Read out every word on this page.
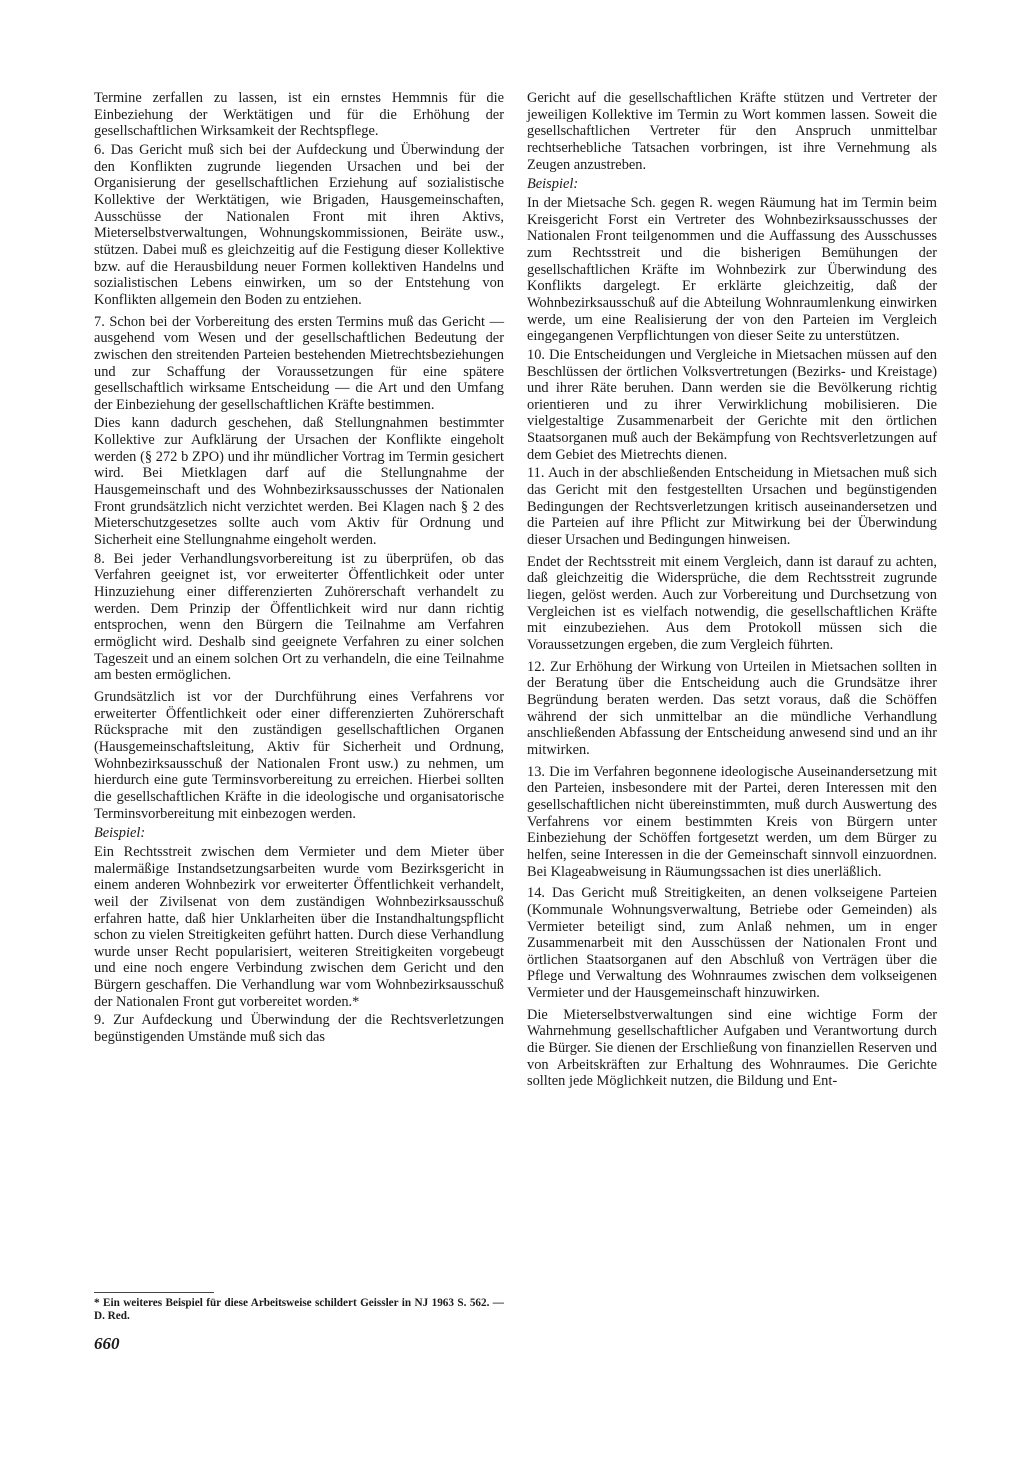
Termine zerfallen zu lassen, ist ein ernstes Hemmnis für die Einbeziehung der Werktätigen und für die Erhöhung der gesellschaftlichen Wirksamkeit der Rechtspflege.

6. Das Gericht muß sich bei der Aufdeckung und Überwindung der den Konflikten zugrunde liegenden Ursachen und bei der Organisierung der gesellschaftlichen Erziehung auf sozialistische Kollektive der Werktätigen, wie Brigaden, Hausgemeinschaften, Ausschüsse der Nationalen Front mit ihren Aktivs, Mieterselbstverwaltungen, Wohnungskommissionen, Beiräte usw., stützen. Dabei muß es gleichzeitig auf die Festigung dieser Kollektive bzw. auf die Herausbildung neuer Formen kollektiven Handelns und sozialistischen Lebens einwirken, um so der Entstehung von Konflikten allgemein den Boden zu entziehen.

7. Schon bei der Vorbereitung des ersten Termins muß das Gericht — ausgehend vom Wesen und der gesellschaftlichen Bedeutung der zwischen den streitenden Parteien bestehenden Mietrechtsbeziehungen und zur Schaffung der Voraussetzungen für eine spätere gesellschaftlich wirksame Entscheidung — die Art und den Umfang der Einbeziehung der gesellschaftlichen Kräfte bestimmen.

Dies kann dadurch geschehen, daß Stellungnahmen bestimmter Kollektive zur Aufklärung der Ursachen der Konflikte eingeholt werden (§ 272 b ZPO) und ihr mündlicher Vortrag im Termin gesichert wird. Bei Mietklagen darf auf die Stellungnahme der Hausgemeinschaft und des Wohnbezirksausschusses der Nationalen Front grundsätzlich nicht verzichtet werden. Bei Klagen nach § 2 des Mieterschutzgesetzes sollte auch vom Aktiv für Ordnung und Sicherheit eine Stellungnahme eingeholt werden.

8. Bei jeder Verhandlungsvorbereitung ist zu überprüfen, ob das Verfahren geeignet ist, vor erweiterter Öffentlichkeit oder unter Hinzuziehung einer differenzierten Zuhörerschaft verhandelt zu werden. Dem Prinzip der Öffentlichkeit wird nur dann richtig entsprochen, wenn den Bürgern die Teilnahme am Verfahren ermöglicht wird. Deshalb sind geeignete Verfahren zu einer solchen Tageszeit und an einem solchen Ort zu verhandeln, die eine Teilnahme am besten ermöglichen.

Grundsätzlich ist vor der Durchführung eines Verfahrens vor erweiterter Öffentlichkeit oder einer differenzierten Zuhörerschaft Rücksprache mit den zuständigen gesellschaftlichen Organen (Hausgemeinschaftsleitung, Aktiv für Sicherheit und Ordnung, Wohnbezirksausschuß der Nationalen Front usw.) zu nehmen, um hierdurch eine gute Terminsvorbereitung zu erreichen. Hierbei sollten die gesellschaftlichen Kräfte in die ideologische und organisatorische Terminsvorbereitung mit einbezogen werden.

Beispiel:

Ein Rechtsstreit zwischen dem Vermieter und dem Mieter über malermäßige Instandsetzungsarbeiten wurde vom Bezirksgericht in einem anderen Wohnbezirk vor erweiterter Öffentlichkeit verhandelt, weil der Zivilsenat von dem zuständigen Wohnbezirksausschuß erfahren hatte, daß hier Unklarheiten über die Instandhaltungspflicht schon zu vielen Streitigkeiten geführt hatten. Durch diese Verhandlung wurde unser Recht popularisiert, weiteren Streitigkeiten vorgebeugt und eine noch engere Verbindung zwischen dem Gericht und den Bürgern geschaffen. Die Verhandlung war vom Wohnbezirksausschuß der Nationalen Front gut vorbereitet worden.*

9. Zur Aufdeckung und Überwindung der die Rechtsverletzungen begünstigenden Umstände muß sich das

* Ein weiteres Beispiel für diese Arbeitsweise schildert Geissler in NJ 1963 S. 562. — D. Red.
660

Gericht auf die gesellschaftlichen Kräfte stützen und Vertreter der jeweiligen Kollektive im Termin zu Wort kommen lassen. Soweit die gesellschaftlichen Vertreter für den Anspruch unmittelbar rechtserhebliche Tatsachen vorbringen, ist ihre Vernehmung als Zeugen anzustreben.

Beispiel:

In der Mietsache Sch. gegen R. wegen Räumung hat im Termin beim Kreisgericht Forst ein Vertreter des Wohnbezirksausschusses der Nationalen Front teilgenommen und die Auffassung des Ausschusses zum Rechtsstreit und die bisherigen Bemühungen der gesellschaftlichen Kräfte im Wohnbezirk zur Überwindung des Konflikts dargelegt. Er erklärte gleichzeitig, daß der Wohnbezirksausschuß auf die Abteilung Wohnraumlenkung einwirken werde, um eine Realisierung der von den Parteien im Vergleich eingegangenen Verpflichtungen von dieser Seite zu unterstützen.

10. Die Entscheidungen und Vergleiche in Mietsachen müssen auf den Beschlüssen der örtlichen Volksvertretungen (Bezirks- und Kreistage) und ihrer Räte beruhen. Dann werden sie die Bevölkerung richtig orientieren und zu ihrer Verwirklichung mobilisieren. Die vielgestaltige Zusammenarbeit der Gerichte mit den örtlichen Staatsorganen muß auch der Bekämpfung von Rechtsverletzungen auf dem Gebiet des Mietrechts dienen.

11. Auch in der abschließenden Entscheidung in Mietsachen muß sich das Gericht mit den festgestellten Ursachen und begünstigenden Bedingungen der Rechtsverletzungen kritisch auseinandersetzen und die Parteien auf ihre Pflicht zur Mitwirkung bei der Überwindung dieser Ursachen und Bedingungen hinweisen.

Endet der Rechtsstreit mit einem Vergleich, dann ist darauf zu achten, daß gleichzeitig die Widersprüche, die dem Rechtsstreit zugrunde liegen, gelöst werden. Auch zur Vorbereitung und Durchsetzung von Vergleichen ist es vielfach notwendig, die gesellschaftlichen Kräfte mit einzubeziehen. Aus dem Protokoll müssen sich die Voraussetzungen ergeben, die zum Vergleich führten.

12. Zur Erhöhung der Wirkung von Urteilen in Mietsachen sollten in der Beratung über die Entscheidung auch die Grundsätze ihrer Begründung beraten werden. Das setzt voraus, daß die Schöffen während der sich unmittelbar an die mündliche Verhandlung anschließenden Abfassung der Entscheidung anwesend sind und an ihr mitwirken.

13. Die im Verfahren begonnene ideologische Auseinandersetzung mit den Parteien, insbesondere mit der Partei, deren Interessen mit den gesellschaftlichen nicht übereinstimmten, muß durch Auswertung des Verfahrens vor einem bestimmten Kreis von Bürgern unter Einbeziehung der Schöffen fortgesetzt werden, um dem Bürger zu helfen, seine Interessen in die der Gemeinschaft sinnvoll einzuordnen. Bei Klageabweisung in Räumungssachen ist dies unerläßlich.

14. Das Gericht muß Streitigkeiten, an denen volkseigene Parteien (Kommunale Wohnungsverwaltung, Betriebe oder Gemeinden) als Vermieter beteiligt sind, zum Anlaß nehmen, um in enger Zusammenarbeit mit den Ausschüssen der Nationalen Front und örtlichen Staatsorganen auf den Abschluß von Verträgen über die Pflege und Verwaltung des Wohnraumes zwischen dem volkseigenen Vermieter und der Hausgemeinschaft hinzuwirken.

Die Mieterselbstverwaltungen sind eine wichtige Form der Wahrnehmung gesellschaftlicher Aufgaben und Verantwortung durch die Bürger. Sie dienen der Erschließung von finanziellen Reserven und von Arbeitskräften zur Erhaltung des Wohnraumes. Die Gerichte sollten jede Möglichkeit nutzen, die Bildung und Ent-
